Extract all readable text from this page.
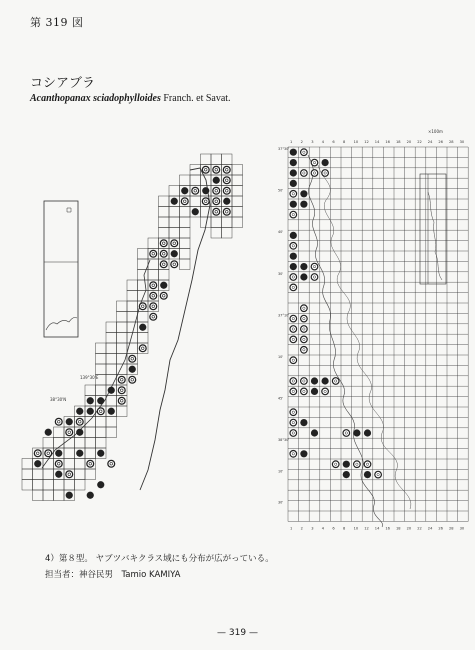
第 319 図
コシアブラ
Acanthopanax sciadophylloides Franch. et Savat.
139°30'E
38°30'N
×100m
1 2 3 4 6 8 10 12 14 16 18 20 22 24 26 28 30
37°30'
50'
40'
30'
37°10'
10'
45'
38°30'
10'
30'
1 2 3 4 6 8 10 12 14 16 18 20 22 24 26 28 30
4）第８型。 ヤブツバキクラス域にも分布が広がっている。
担当者：神谷民男　Tamio KAMIYA
— 319 —
